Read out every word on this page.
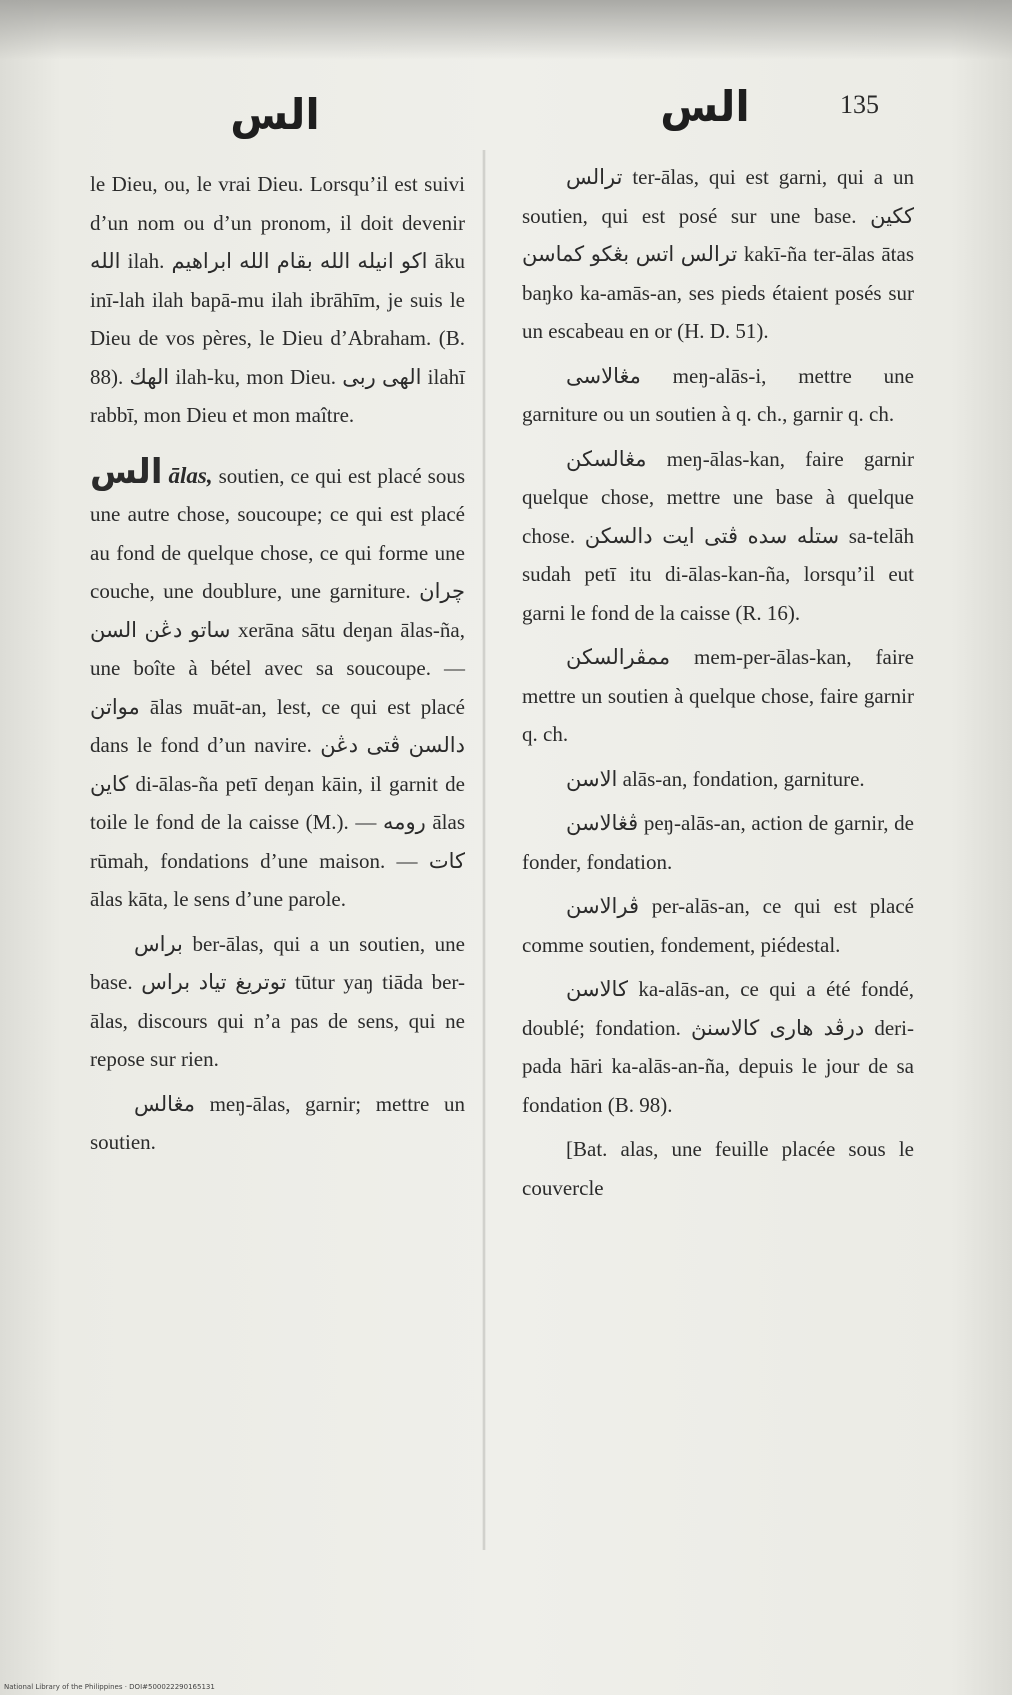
الس	الس	135

le Dieu, ou, le vrai Dieu. Lorsqu’il est suivi d’un nom ou d’un pronom, il doit devenir الله ilah. اكو انيله الله بقام الله ابراهيم āku inī-lah ilah bapā-mu ilah ibrāhīm, je suis le Dieu de vos pères, le Dieu d’Abraham. (B. 88). الهك ilah-ku, mon Dieu. الهى ربى ilahī rabbī, mon Dieu et mon maître.

الس ālas, soutien, ce qui est placé sous une autre chose, soucoupe; ce qui est placé au fond de quelque chose, ce qui forme une couche, une doublure, une garniture. چران ساتو دڠن السن xerāna sātu deŋan ālas-ña, une boîte à bétel avec sa soucoupe. — مواتن ālas muāt-an, lest, ce qui est placé dans le fond d’un navire. دالسن ڤتى دڠن كاين di-ālas-ña petī deŋan kāin, il garnit de toile le fond de la caisse (M.). — رومه ālas rūmah, fondations d’une maison. — كات ālas kāta, le sens d’une parole.

براس ber-ālas, qui a un soutien, une base. توتريغ تياد براس tūtur yaŋ tiāda ber-ālas, discours qui n’a pas de sens, qui ne repose sur rien.

مڠالس meŋ-ālas, garnir; mettre un soutien.

ترالس ter-ālas, qui est garni, qui a un soutien, qui est posé sur une base. ككين ترالس اتس بڠكو كماسن kakī-ña ter-ālas ātas baŋko ka-amās-an, ses pieds étaient posés sur un escabeau en or (H. D. 51).

مڠالاسى meŋ-alās-i, mettre une garniture ou un soutien à q. ch., garnir q. ch.

مڠالسكن meŋ-ālas-kan, faire garnir quelque chose, mettre une base à quelque chose. ستله سده ڤتى ايت دالسكن sa-telāh sudah petī itu di-ālas-kan-ña, lorsqu’il eut garni le fond de la caisse (R. 16).

ممڤرالسكن mem-per-ālas-kan, faire mettre un soutien à quelque chose, faire garnir q. ch.

الاسن alās-an, fondation, garniture.

ڤڠالاسن peŋ-alās-an, action de garnir, de fonder, fondation.

ڤرالاسن per-alās-an, ce qui est placé comme soutien, fondement, piédestal.

كالاسن ka-alās-an, ce qui a été fondé, doublé; fondation. درڤد هارى كالاسنڽ deri-pada hāri ka-alās-an-ña, depuis le jour de sa fondation (B. 98).

[Bat. alas, une feuille placée sous le couvercle

National Library of the Philippines · DOI#500022290165131
